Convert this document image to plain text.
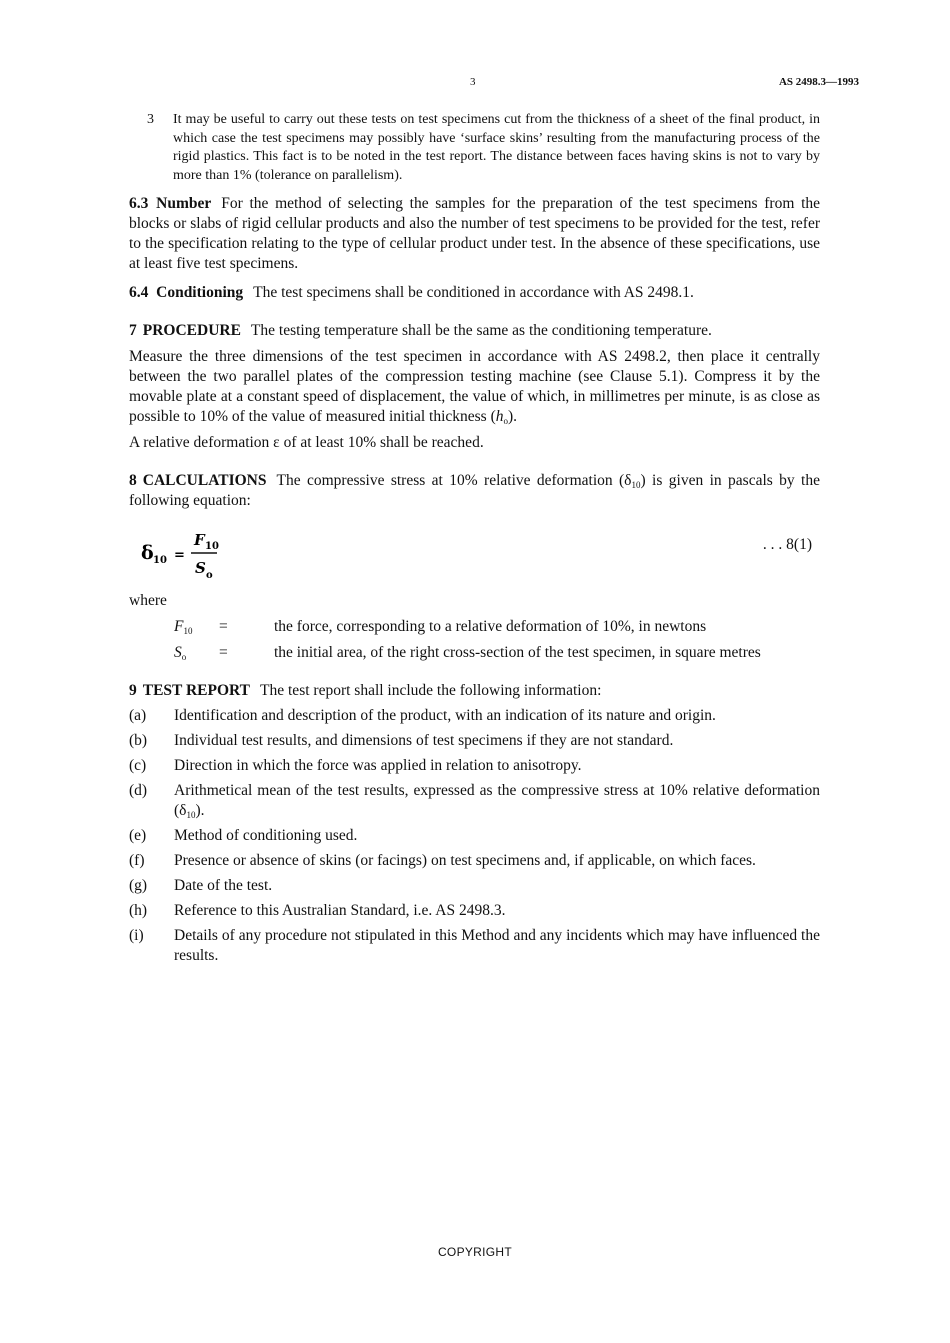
3	AS 2498.3—1993
3	It may be useful to carry out these tests on test specimens cut from the thickness of a sheet of the final product, in which case the test specimens may possibly have ‘surface skins’ resulting from the manufacturing process of the rigid plastics. This fact is to be noted in the test report. The distance between faces having skins is not to vary by more than 1% (tolerance on parallelism).

6.3 Number For the method of selecting the samples for the preparation of the test specimens from the blocks or slabs of rigid cellular products and also the number of test specimens to be provided for the test, refer to the specification relating to the type of cellular product under test. In the absence of these specifications, use at least five test specimens.

6.4 Conditioning The test specimens shall be conditioned in accordance with AS 2498.1.

7 PROCEDURE The testing temperature shall be the same as the conditioning temperature.

Measure the three dimensions of the test specimen in accordance with AS 2498.2, then place it centrally between the two parallel plates of the compression testing machine (see Clause 5.1). Compress it by the movable plate at a constant speed of displacement, the value of which, in millimetres per minute, is as close as possible to 10% of the value of measured initial thickness $(h_o)$.

A relative deformation ε of at least 10% shall be reached.

8 CALCULATIONS The compressive stress at 10% relative deformation $(\delta_{10})$ is given in pascals by the following equation:

δ 10 =
F 10
S o
. . . 8(1)

where

$F_{10}$	=	the force, corresponding to a relative deformation of 10%, in newtons
$S_o$	=	the initial area, of the right cross-section of the test specimen, in square metres

9 TEST REPORT The test report shall include the following information:

(a)	Identification and description of the product, with an indication of its nature and origin.
(b)	Individual test results, and dimensions of test specimens if they are not standard.
(c)	Direction in which the force was applied in relation to anisotropy.
(d)	Arithmetical mean of the test results, expressed as the compressive stress at 10% relative deformation $(\delta_{10})$.
(e)	Method of conditioning used.
(f)	Presence or absence of skins (or facings) on test specimens and, if applicable, on which faces.
(g)	Date of the test.
(h)	Reference to this Australian Standard, i.e. AS 2498.3.
(i)	Details of any procedure not stipulated in this Method and any incidents which may have influenced the results.
COPYRIGHT
